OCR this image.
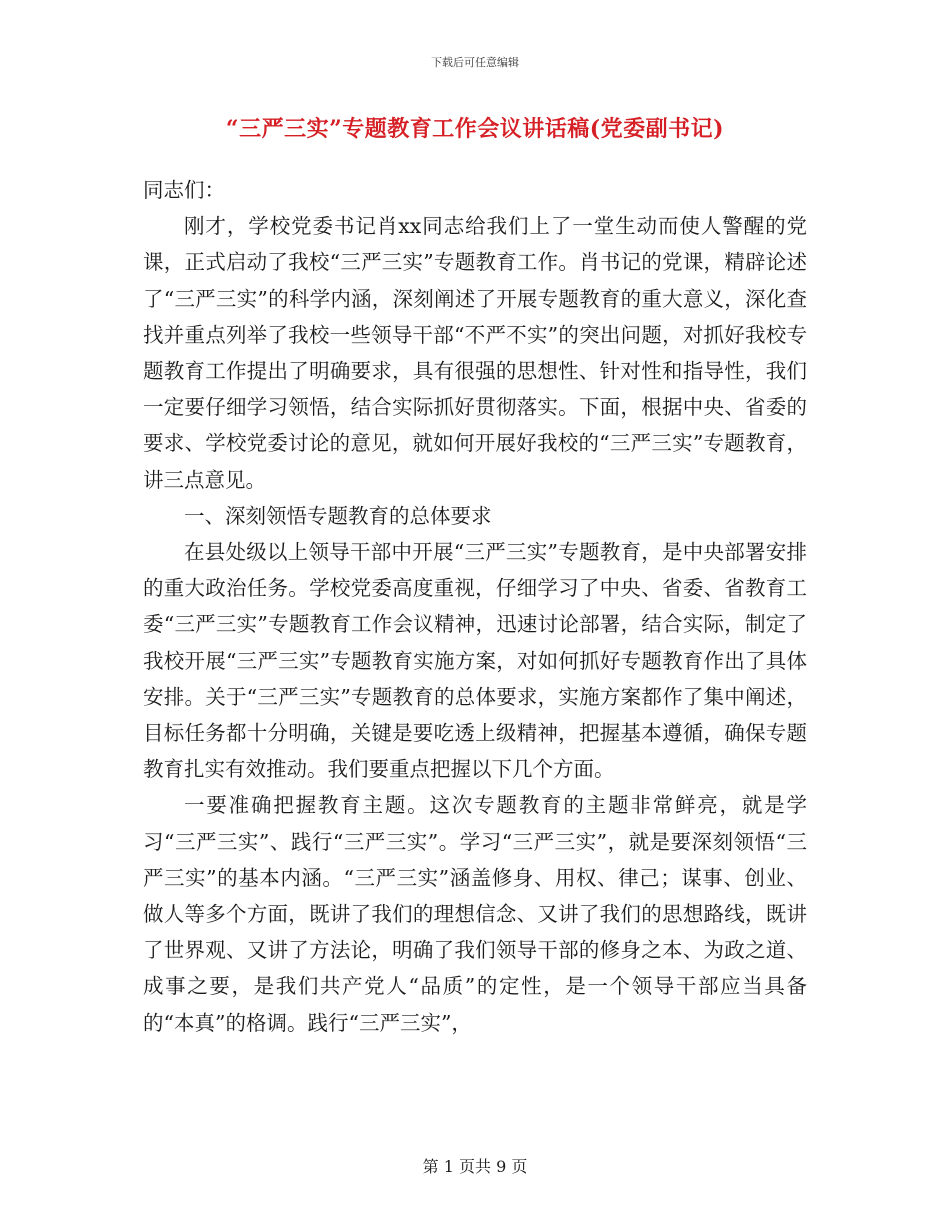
下载后可任意编辑
“三严三实”专题教育工作会议讲话稿(党委副书记)

同志们：

刚才，学校党委书记肖xx同志给我们上了一堂生动而使人警醒的党课，正式启动了我校“三严三实”专题教育工作。肖书记的党课，精辟论述了“三严三实”的科学内涵，深刻阐述了开展专题教育的重大意义，深化查找并重点列举了我校一些领导干部“不严不实”的突出问题，对抓好我校专题教育工作提出了明确要求，具有很强的思想性、针对性和指导性，我们一定要仔细学习领悟，结合实际抓好贯彻落实。下面，根据中央、省委的要求、学校党委讨论的意见，就如何开展好我校的“三严三实”专题教育，讲三点意见。

一、深刻领悟专题教育的总体要求

在县处级以上领导干部中开展“三严三实”专题教育，是中央部署安排的重大政治任务。学校党委高度重视，仔细学习了中央、省委、省教育工委“三严三实”专题教育工作会议精神，迅速讨论部署，结合实际，制定了我校开展“三严三实”专题教育实施方案，对如何抓好专题教育作出了具体安排。关于“三严三实”专题教育的总体要求，实施方案都作了集中阐述，目标任务都十分明确，关键是要吃透上级精神，把握基本遵循，确保专题教育扎实有效推动。我们要重点把握以下几个方面。

一要准确把握教育主题。这次专题教育的主题非常鲜亮，就是学习“三严三实”、践行“三严三实”。学习“三严三实”，就是要深刻领悟“三严三实”的基本内涵。“三严三实”涵盖修身、用权、律己；谋事、创业、做人等多个方面，既讲了我们的理想信念、又讲了我们的思想路线，既讲了世界观、又讲了方法论，明确了我们领导干部的修身之本、为政之道、成事之要，是我们共产党人“品质”的定性，是一个领导干部应当具备的“本真”的格调。践行“三严三实”，

第 1 页共 9 页
